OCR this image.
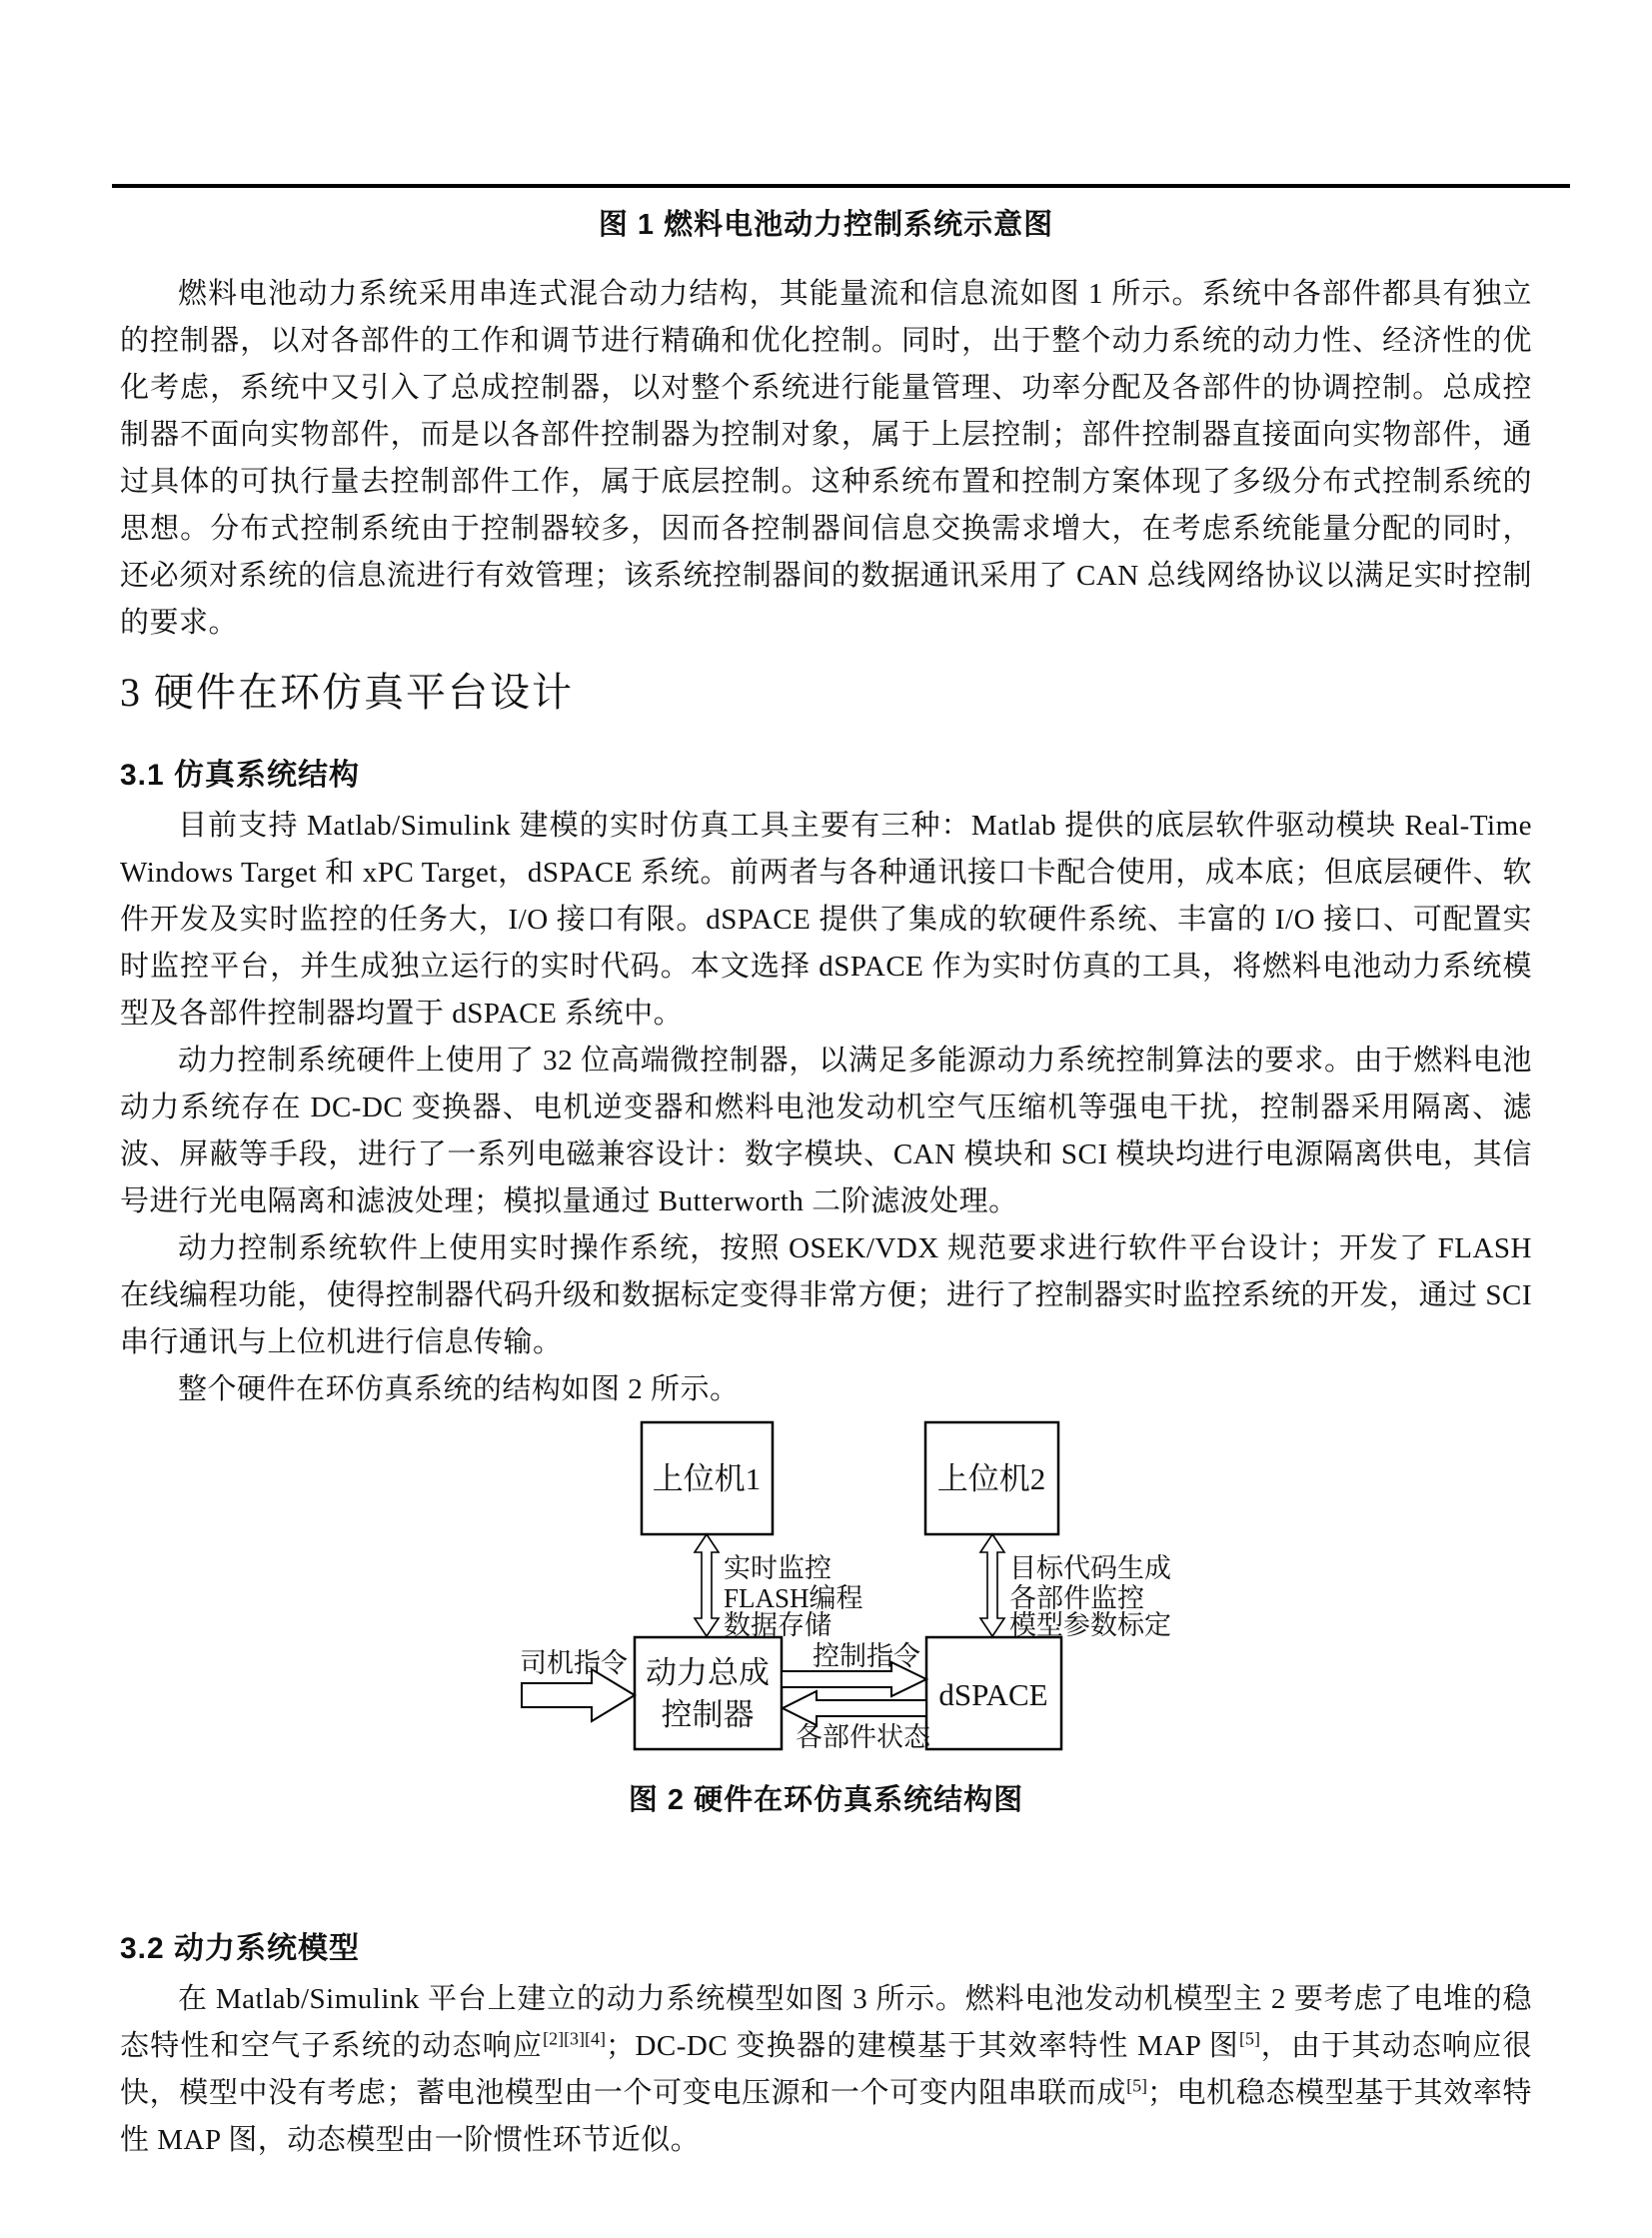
图 1 燃料电池动力控制系统示意图

燃料电池动力系统采用串连式混合动力结构，其能量流和信息流如图 1 所示。系统中各部件都具有独立的控制器，以对各部件的工作和调节进行精确和优化控制。同时，出于整个动力系统的动力性、经济性的优化考虑，系统中又引入了总成控制器，以对整个系统进行能量管理、功率分配及各部件的协调控制。总成控制器不面向实物部件，而是以各部件控制器为控制对象，属于上层控制；部件控制器直接面向实物部件，通过具体的可执行量去控制部件工作，属于底层控制。这种系统布置和控制方案体现了多级分布式控制系统的思想。分布式控制系统由于控制器较多，因而各控制器间信息交换需求增大，在考虑系统能量分配的同时，还必须对系统的信息流进行有效管理；该系统控制器间的数据通讯采用了 CAN 总线网络协议以满足实时控制的要求。

3 硬件在环仿真平台设计
3.1 仿真系统结构

目前支持 Matlab/Simulink 建模的实时仿真工具主要有三种：Matlab 提供的底层软件驱动模块 Real-Time Windows Target 和 xPC Target，dSPACE 系统。前两者与各种通讯接口卡配合使用，成本底；但底层硬件、软件开发及实时监控的任务大，I/O 接口有限。dSPACE 提供了集成的软硬件系统、丰富的 I/O 接口、可配置实时监控平台，并生成独立运行的实时代码。本文选择 dSPACE 作为实时仿真的工具，将燃料电池动力系统模型及各部件控制器均置于 dSPACE 系统中。

动力控制系统硬件上使用了 32 位高端微控制器，以满足多能源动力系统控制算法的要求。由于燃料电池动力系统存在 DC-DC 变换器、电机逆变器和燃料电池发动机空气压缩机等强电干扰，控制器采用隔离、滤波、屏蔽等手段，进行了一系列电磁兼容设计：数字模块、CAN 模块和 SCI 模块均进行电源隔离供电，其信号进行光电隔离和滤波处理；模拟量通过 Butterworth 二阶滤波处理。

动力控制系统软件上使用实时操作系统，按照 OSEK/VDX 规范要求进行软件平台设计；开发了 FLASH 在线编程功能，使得控制器代码升级和数据标定变得非常方便；进行了控制器实时监控系统的开发，通过 SCI 串行通讯与上位机进行信息传输。

整个硬件在环仿真系统的结构如图 2 所示。

上位机1	上位机2
动力总成
控制器
dSPACE
实时监控
FLASH编程
数据存储
目标代码生成
各部件监控
模型参数标定
司机指令	控制指令
各部件状态
图 2 硬件在环仿真系统结构图
3.2 动力系统模型

在 Matlab/Simulink 平台上建立的动力系统模型如图 3 所示。燃料电池发动机模型主 2 要考虑了电堆的稳态特性和空气子系统的动态响应[2][3][4]；DC-DC 变换器的建模基于其效率特性 MAP 图[5]，由于其动态响应很快，模型中没有考虑；蓄电池模型由一个可变电压源和一个可变内阻串联而成[5]；电机稳态模型基于其效率特性 MAP 图，动态模型由一阶惯性环节近似。
